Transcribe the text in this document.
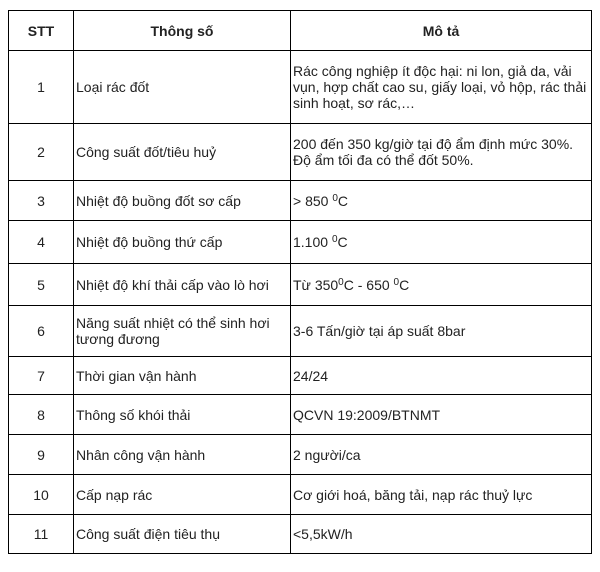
STT	Thông số	Mô tả
1	Loại rác đốt	Rác công nghiệp ít độc hại: ni lon, giả da, vải vụn, hợp chất cao su, giấy loại, vỏ hộp, rác thải sinh hoạt, sơ rác,…
2	Công suất đốt/tiêu huỷ	200 đến 350 kg/giờ tại độ ẩm định mức 30%. Độ ẩm tối đa có thể đốt 50%.
3	Nhiệt độ buồng đốt sơ cấp	> 850 $^0$C
4	Nhiệt độ buồng thứ cấp	1.100 $^0$C
5	Nhiệt độ khí thải cấp vào lò hơi	Từ $350^0C - 650$ $^0$C
6	Năng suất nhiệt có thể sinh hơi tương đương	3-6 Tấn/giờ tại áp suất 8bar
7	Thời gian vận hành	24/24
8	Thông số khói thải	QCVN 19:2009/BTNMT
9	Nhân công vận hành	2 người/ca
10	Cấp nạp rác	Cơ giới hoá, băng tải, nạp rác thuỷ lực
11	Công suất điện tiêu thụ	<5,5kW/h
